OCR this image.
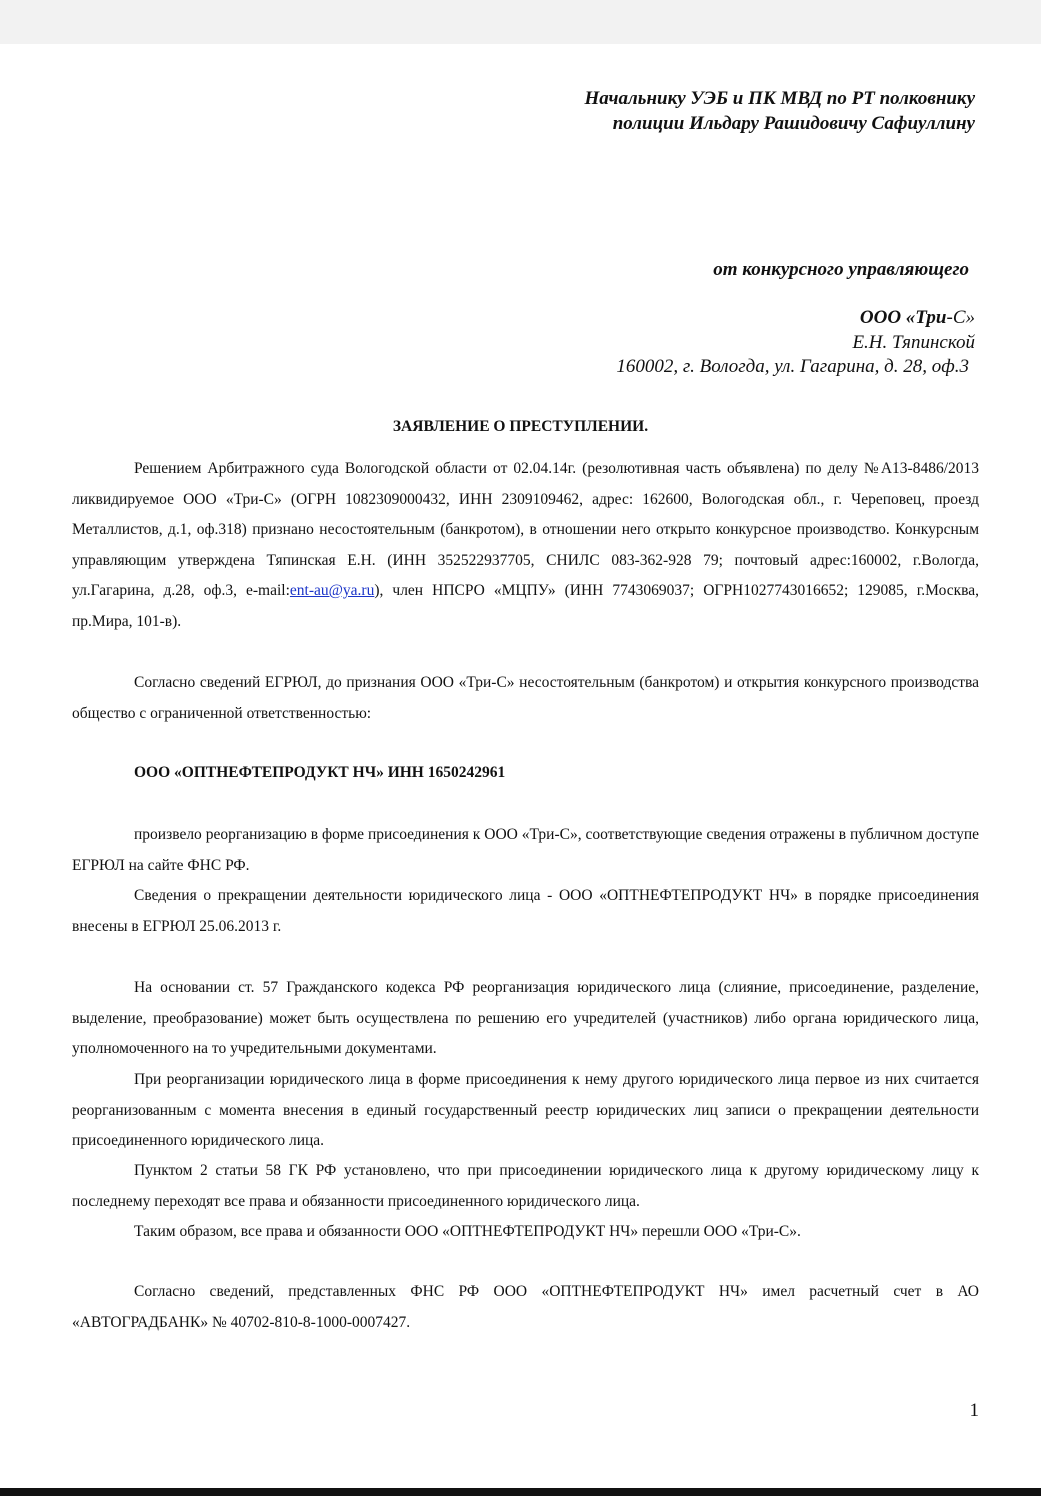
Начальнику УЭБ и ПК МВД по РТ полковнику
полиции Ильдару Рашидовичу Сафиуллину
от конкурсного управляющего
ООО «Три-С»
Е.Н. Тяпинской
160002, г. Вологда, ул. Гагарина, д. 28, оф.3
ЗАЯВЛЕНИЕ О ПРЕСТУПЛЕНИИ.
Решением Арбитражного суда Вологодской области от 02.04.14г. (резолютивная часть объявлена) по делу №А13-8486/2013 ликвидируемое ООО «Три-С» (ОГРН 1082309000432, ИНН 2309109462, адрес: 162600, Вологодская обл., г. Череповец, проезд Металлистов, д.1, оф.318) признано несостоятельным (банкротом), в отношении него открыто конкурсное производство. Конкурсным управляющим утверждена Тяпинская Е.Н. (ИНН 352522937705, СНИЛС 083-362-928 79; почтовый адрес:160002, г.Вологда, ул.Гагарина, д.28, оф.3, e-mail:ent-au@ya.ru), член НПСРО «МЦПУ» (ИНН 7743069037; ОГРН1027743016652; 129085, г.Москва, пр.Мира, 101-в).
Согласно сведений ЕГРЮЛ, до признания ООО «Три-С» несостоятельным (банкротом) и открытия конкурсного производства общество с ограниченной ответственностью:
ООО «ОПТНЕФТЕПРОДУКТ НЧ» ИНН 1650242961
произвело реорганизацию в форме присоединения к ООО «Три-С», соответствующие сведения отражены в публичном доступе ЕГРЮЛ на сайте ФНС РФ.
Сведения о прекращении деятельности юридического лица - ООО «ОПТНЕФТЕПРОДУКТ НЧ» в порядке присоединения внесены в ЕГРЮЛ 25.06.2013 г.
На основании ст. 57 Гражданского кодекса РФ реорганизация юридического лица (слияние, присоединение, разделение, выделение, преобразование) может быть осуществлена по решению его учредителей (участников) либо органа юридического лица, уполномоченного на то учредительными документами.
При реорганизации юридического лица в форме присоединения к нему другого юридического лица первое из них считается реорганизованным с момента внесения в единый государственный реестр юридических лиц записи о прекращении деятельности присоединенного юридического лица.
Пунктом 2 статьи 58 ГК РФ установлено, что при присоединении юридического лица к другому юридическому лицу к последнему переходят все права и обязанности присоединенного юридического лица.
Таким образом, все права и обязанности ООО «ОПТНЕФТЕПРОДУКТ НЧ» перешли ООО «Три-С».
Согласно сведений, представленных ФНС РФ ООО «ОПТНЕФТЕПРОДУКТ НЧ» имел расчетный счет в АО «АВТОГРАДБАНК» № 40702-810-8-1000-0007427.
1
